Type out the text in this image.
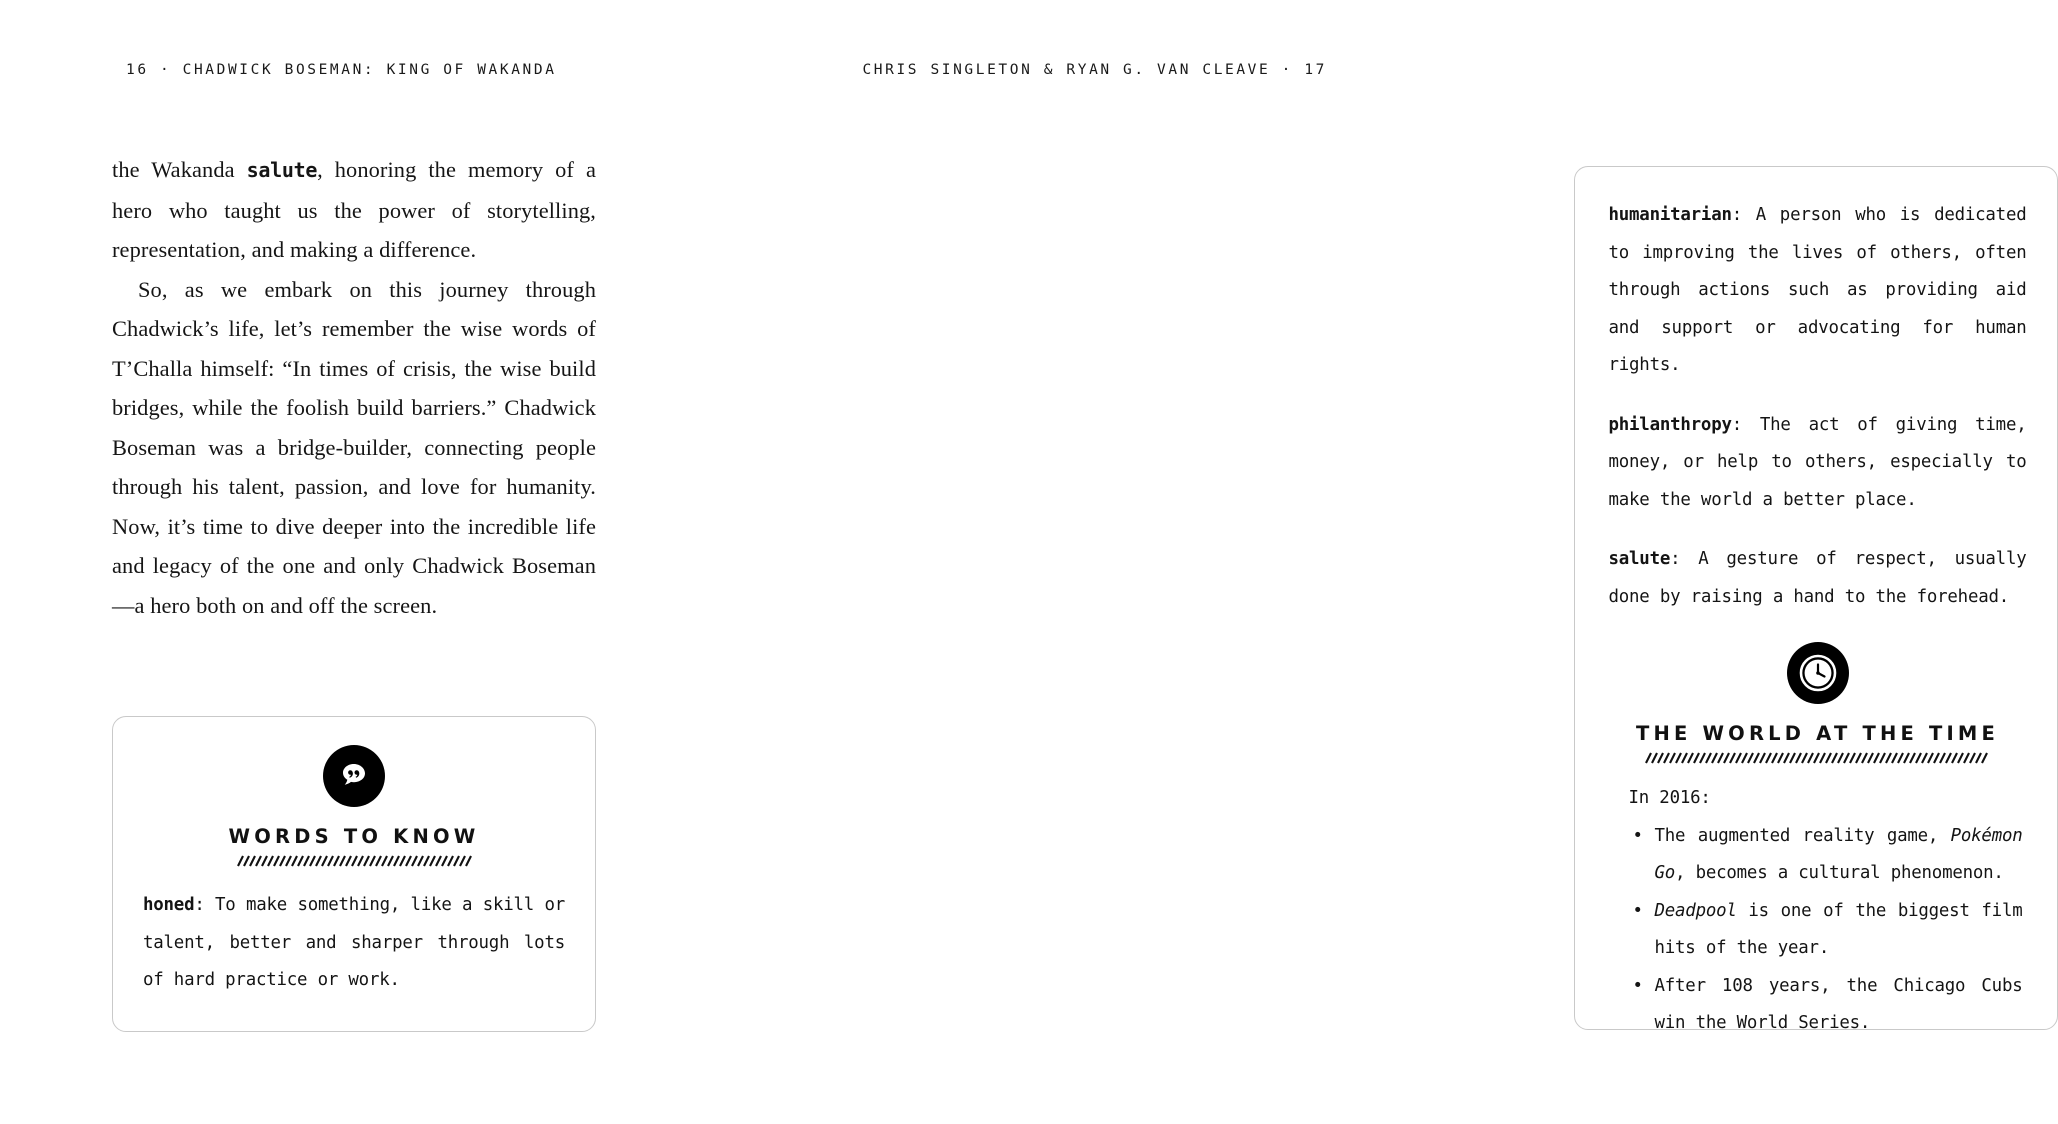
16 · CHADWICK BOSEMAN: KING OF WAKANDA

the Wakanda salute, honoring the memory of a hero who taught us the power of storytelling, representation, and making a difference.

So, as we embark on this journey through Chadwick’s life, let’s remember the wise words of T’Challa himself: “In times of crisis, the wise build bridges, while the foolish build barriers.” Chadwick Boseman was a bridge-builder, connecting people through his talent, passion, and love for humanity. Now, it’s time to dive deeper into the incredible life and legacy of the one and only Chadwick Boseman—a hero both on and off the screen.

WORDS TO KNOW

honed: To make something, like a skill or talent, better and sharper through lots of hard practice or work.

CHRIS SINGLETON & RYAN G. VAN CLEAVE · 17

humanitarian: A person who is dedicated to improving the lives of others, often through actions such as providing aid and support or advocating for human rights.

philanthropy: The act of giving time, money, or help to others, especially to make the world a better place.

salute: A gesture of respect, usually done by raising a hand to the forehead.

THE WORLD AT THE TIME

In 2016:

• The augmented reality game, Pokémon Go, becomes a cultural phenomenon.
• Deadpool is one of the biggest film hits of the year.
• After 108 years, the Chicago Cubs win the World Series.
